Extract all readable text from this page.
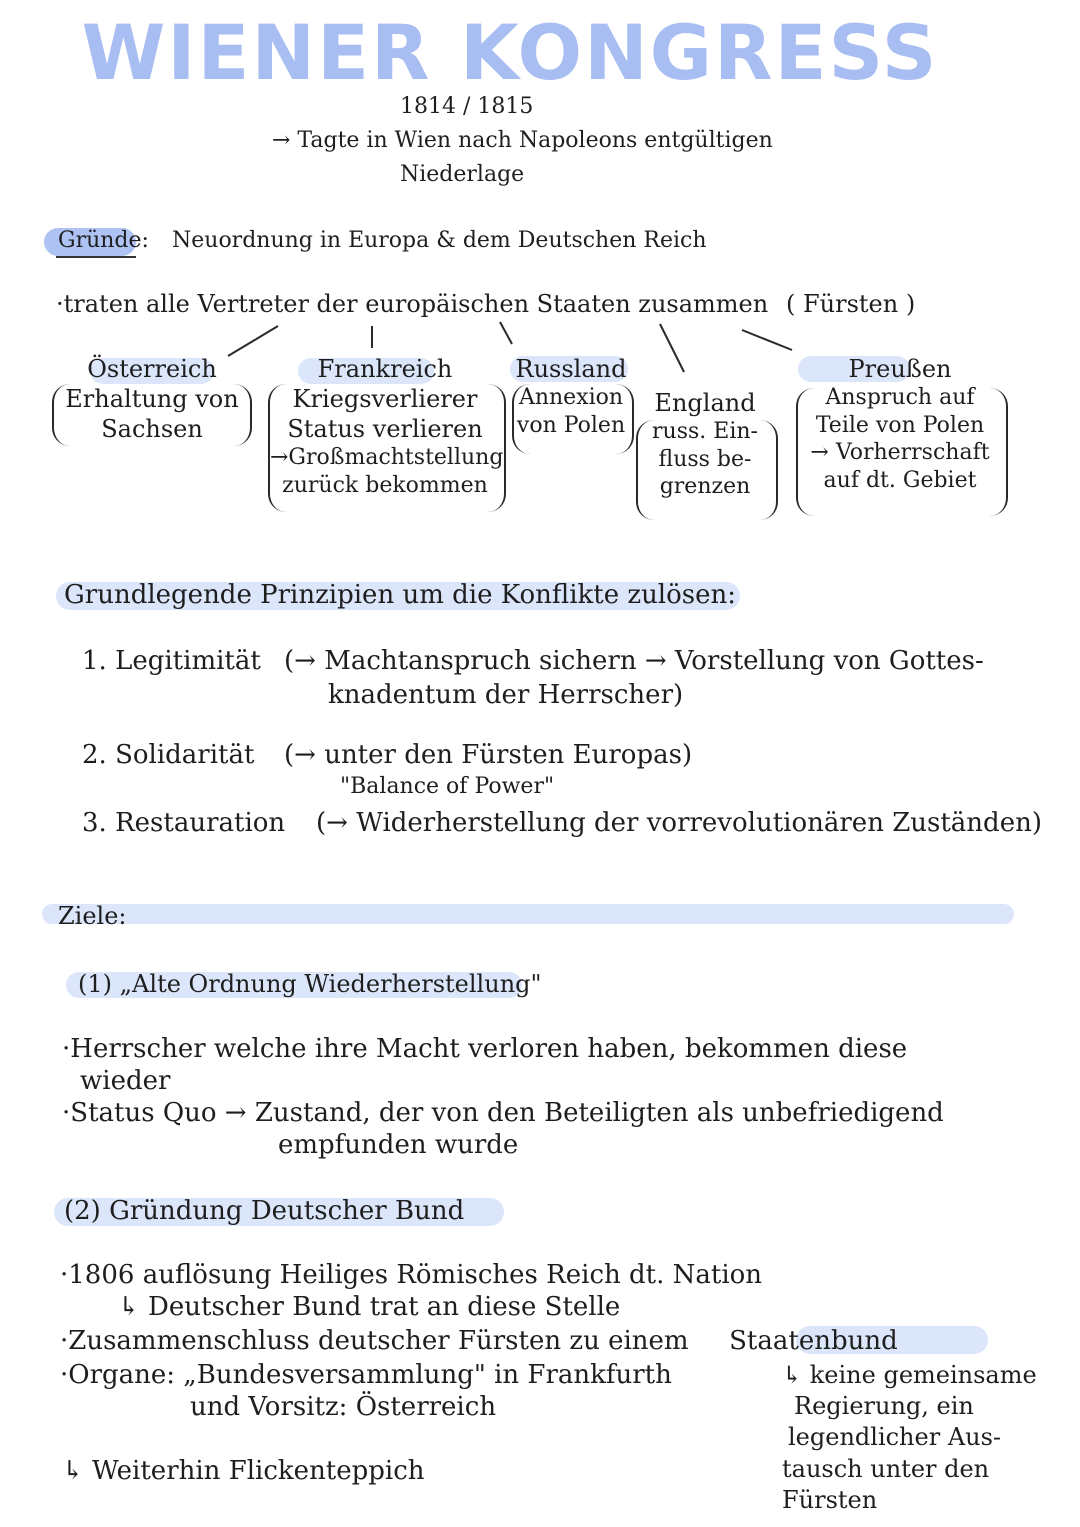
WIENER KONGRESS
1814 / 1815
→ Tagte in Wien nach Napoleons entgültigen
Niederlage
Gründe: Neuordnung in Europa & dem Deutschen Reich
·traten alle Vertreter der europäischen Staaten zusammen ( Fürsten )
Österreich
Erhaltung von
Sachsen
Frankreich
Kriegsverlierer
Status verlieren
→Großmachtstellung
zurück bekommen
Russland
Annexion
von Polen
England
russ. Ein-
fluss be-
grenzen
Preußen
Anspruch auf
Teile von Polen
→ Vorherrschaft
auf dt. Gebiet
Grundlegende Prinzipien um die Konflikte zulösen:
1. Legitimität (→ Machtanspruch sichern → Vorstellung von Gottes-
knadentum der Herrscher)
2. Solidarität (→ unter den Fürsten Europas)
"Balance of Power"
3. Restauration (→ Widerherstellung der vorrevolutionären Zuständen)
Ziele:
(1) „Alte Ordnung Wiederherstellung"
·Herrscher welche ihre Macht verloren haben, bekommen diese
wieder
·Status Quo → Zustand, der von den Beteiligten als unbefriedigend
empfunden wurde
(2) Gründung Deutscher Bund
·1806 auflösung Heiliges Römisches Reich dt. Nation
↳ Deutscher Bund trat an diese Stelle
·Zusammenschluss deutscher Fürsten zu einem Staatenbund
·Organe: „Bundesversammlung" in Frankfurth
und Vorsitz: Österreich
↳ keine gemeinsame
Regierung, ein
legendlicher Aus-
tausch unter den
Fürsten
↳ Weiterhin Flickenteppich
